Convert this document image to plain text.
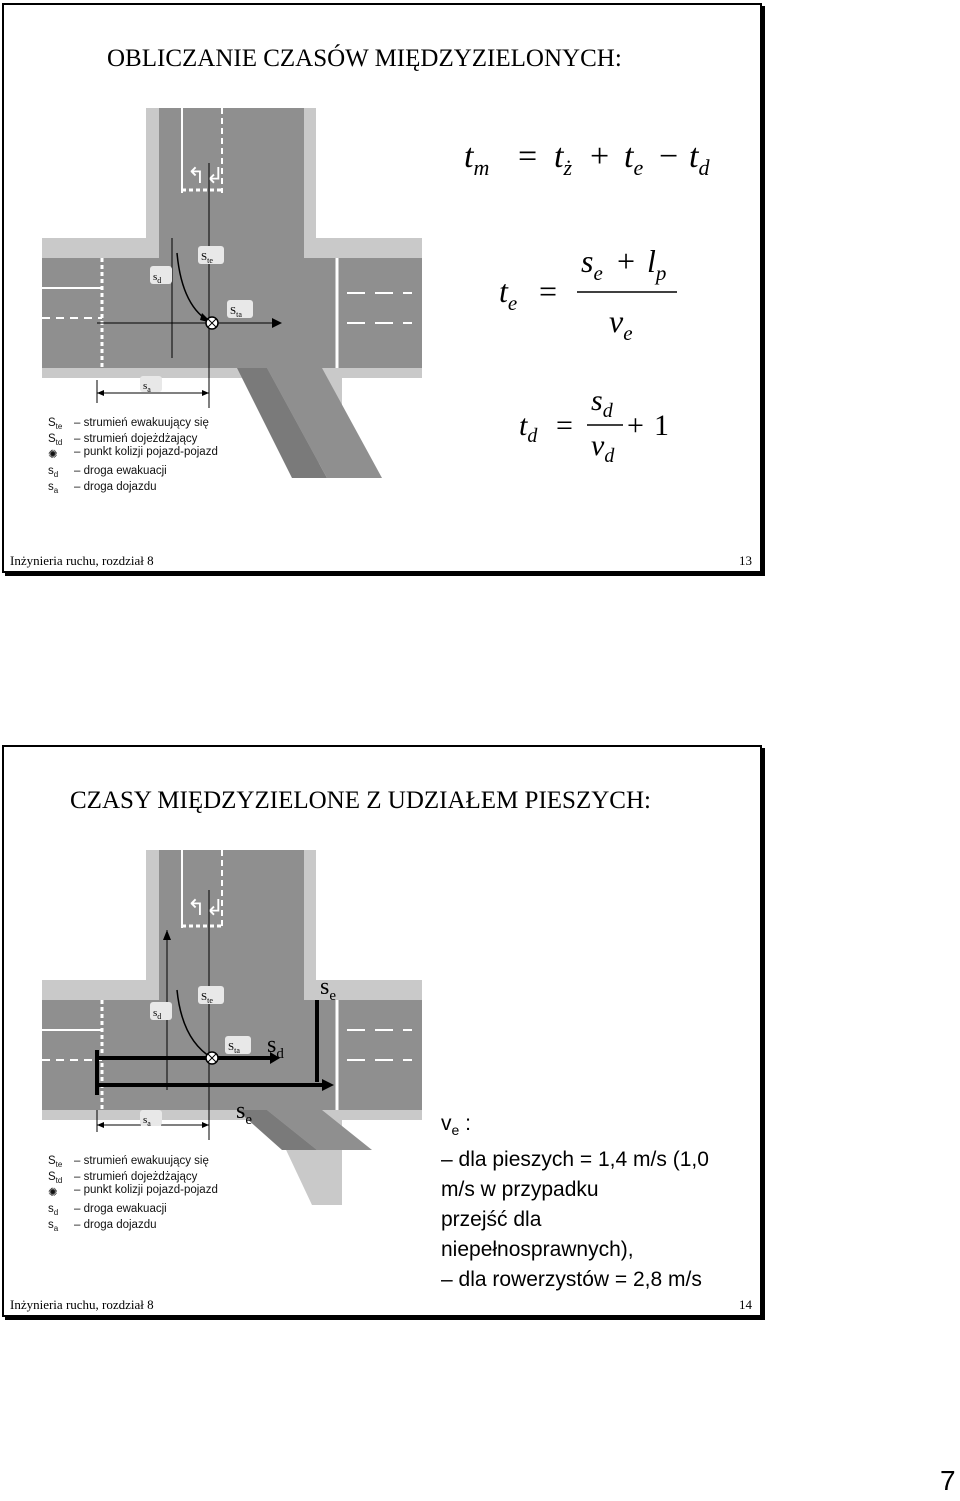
OBLICZANIE CZASÓW MIĘDZYZIELONYCH:
↰↲
$s_d$
$S_{te}$
$S_{ta}$
$s_a$
$S_{te}$ – strumień ewakuujący się
$S_{td}$ – strumień dojeżdżający
✺ – punkt kolizji pojazd-pojazd
$s_d$ – droga ewakuacji
$s_a$ – droga dojazdu
$t_m = t_ż + t_e - t_d$
$t_e$ =
$s_e + l_p$
$v_e$
$t_d$ =
$s_d$
$v_d$
+ 1
Inżynieria ruchu, rozdział 8	13
CZASY MIĘDZYZIELONE Z UDZIAŁEM PIESZYCH:
↰↲
$s_d$
$S_{te}$
$S_{ta}$
$s_a$
$s_e$
$s_d$
$s_e$
$S_{te}$ – strumień ewakuujący się
$S_{td}$ – strumień dojeżdżający
✺ – punkt kolizji pojazd-pojazd
$s_d$ – droga ewakuacji
$s_a$ – droga dojazdu
$v_e$ :
– dla pieszych = 1,4 m/s (1,0
m/s w przypadku
przejść dla
niepełnosprawnych),
– dla rowerzystów = 2,8 m/s
Inżynieria ruchu, rozdział 8	14
7
